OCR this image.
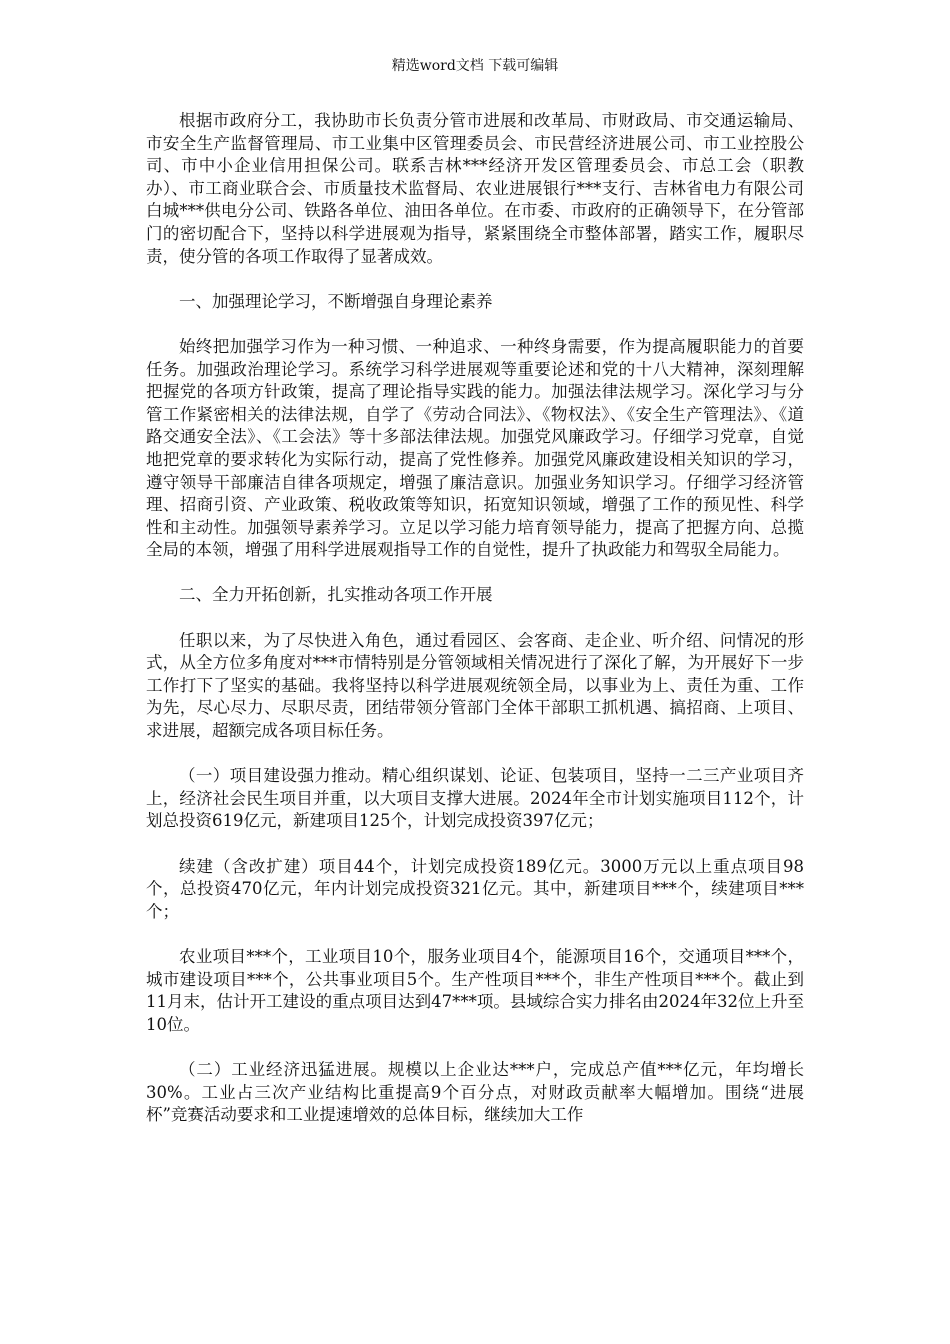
精选word文档 下载可编辑

根据市政府分工，我协助市长负责分管市进展和改革局、市财政局、市交通运输局、市安全生产监督管理局、市工业集中区管理委员会、市民营经济进展公司、市工业控股公司、市中小企业信用担保公司。联系吉林***经济开发区管理委员会、市总工会（职教办）、市工商业联合会、市质量技术监督局、农业进展银行***支行、吉林省电力有限公司白城***供电分公司、铁路各单位、油田各单位。在市委、市政府的正确领导下，在分管部门的密切配合下，坚持以科学进展观为指导，紧紧围绕全市整体部署，踏实工作，履职尽责，使分管的各项工作取得了显著成效。

一、加强理论学习，不断增强自身理论素养

始终把加强学习作为一种习惯、一种追求、一种终身需要，作为提高履职能力的首要任务。加强政治理论学习。系统学习科学进展观等重要论述和党的十八大精神，深刻理解把握党的各项方针政策，提高了理论指导实践的能力。加强法律法规学习。深化学习与分管工作紧密相关的法律法规，自学了《劳动合同法》、《物权法》、《安全生产管理法》、《道路交通安全法》、《工会法》等十多部法律法规。加强党风廉政学习。仔细学习党章，自觉地把党章的要求转化为实际行动，提高了党性修养。加强党风廉政建设相关知识的学习，遵守领导干部廉洁自律各项规定，增强了廉洁意识。加强业务知识学习。仔细学习经济管理、招商引资、产业政策、税收政策等知识，拓宽知识领域，增强了工作的预见性、科学性和主动性。加强领导素养学习。立足以学习能力培育领导能力，提高了把握方向、总揽全局的本领，增强了用科学进展观指导工作的自觉性，提升了执政能力和驾驭全局能力。

二、全力开拓创新，扎实推动各项工作开展

任职以来，为了尽快进入角色，通过看园区、会客商、走企业、听介绍、问情况的形式，从全方位多角度对***市情特别是分管领域相关情况进行了深化了解，为开展好下一步工作打下了坚实的基础。我将坚持以科学进展观统领全局，以事业为上、责任为重、工作为先，尽心尽力、尽职尽责，团结带领分管部门全体干部职工抓机遇、搞招商、上项目、求进展，超额完成各项目标任务。

（一）项目建设强力推动。精心组织谋划、论证、包装项目，坚持一二三产业项目齐上，经济社会民生项目并重，以大项目支撑大进展。2024年全市计划实施项目112个，计划总投资619亿元，新建项目125个，计划完成投资397亿元；

续建（含改扩建）项目44个，计划完成投资189亿元。3000万元以上重点项目98个，总投资470亿元，年内计划完成投资321亿元。其中，新建项目***个，续建项目***个；

农业项目***个，工业项目10个，服务业项目4个，能源项目16个，交通项目***个，城市建设项目***个，公共事业项目5个。生产性项目***个，非生产性项目***个。截止到11月末，估计开工建设的重点项目达到47***项。县域综合实力排名由2024年32位上升至10位。

（二）工业经济迅猛进展。规模以上企业达***户，完成总产值***亿元，年均增长30%。工业占三次产业结构比重提高9个百分点，对财政贡献率大幅增加。围绕“进展杯”竞赛活动要求和工业提速增效的总体目标，继续加大工作
